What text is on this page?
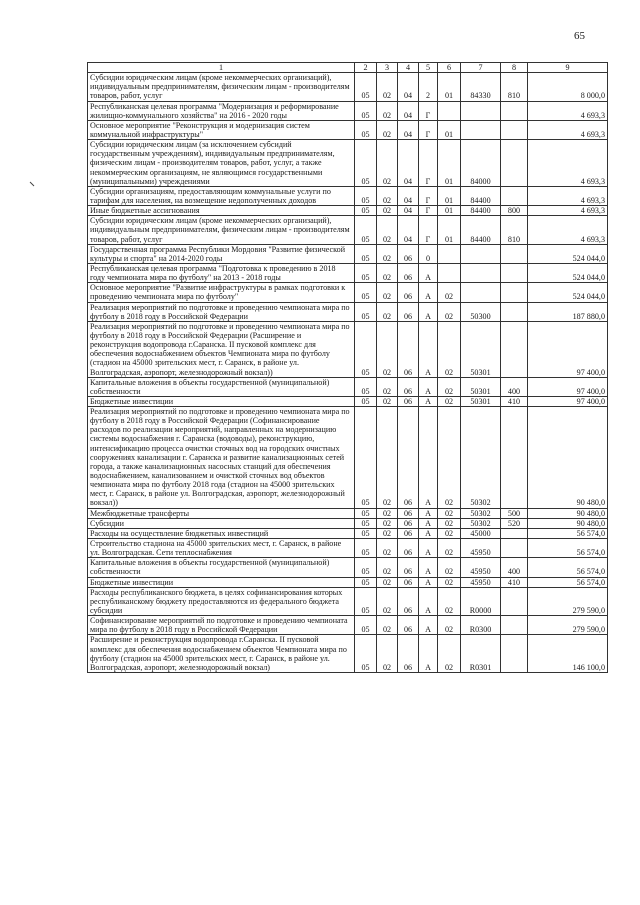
65
1	2	3	4	5	6	7	8	9
Субсидии юридическим лицам (кроме некоммерческих организаций), индивидуальным предпринимателям, физическим лицам - производителям товаров, работ, услуг	05	02	04	2	01	84330	810	8 000,0
Республиканская целевая программа "Модернизация и реформирование жилищно-коммунального хозяйства" на 2016 - 2020 годы	05	02	04	Г				4 693,3
Основное мероприятие "Реконструкция и модернизация систем коммунальной инфраструктуры"	05	02	04	Г	01			4 693,3
Субсидии юридическим лицам (за исключением субсидий государственным учреждениям), индивидуальным предпринимателям, физическим лицам - производителям товаров, работ, услуг, а также некоммерческим организациям, не являющимся государственными (муниципальными) учреждениями	05	02	04	Г	01	84000		4 693,3
Субсидии организациям, предоставляющим коммунальные услуги по тарифам для населения, на возмещение недополученных доходов	05	02	04	Г	01	84400		4 693,3
Иные бюджетные ассигнования	05	02	04	Г	01	84400	800	4 693,3
Субсидии юридическим лицам (кроме некоммерческих организаций), индивидуальным предпринимателям, физическим лицам - производителям товаров, работ, услуг	05	02	04	Г	01	84400	810	4 693,3
Государственная программа Республики Мордовия "Развитие физической культуры и спорта" на 2014-2020 годы	05	02	06	0				524 044,0
Республиканская целевая программа "Подготовка к проведению в 2018 году чемпионата мира по футболу" на 2013 - 2018 годы	05	02	06	А				524 044,0
Основное мероприятие "Развитие инфраструктуры в рамках подготовки к проведению чемпионата мира по футболу"	05	02	06	А	02			524 044,0
Реализация мероприятий по подготовке и проведению чемпионата мира по футболу в 2018 году в Российской Федерации	05	02	06	А	02	50300		187 880,0
Реализация мероприятий по подготовке и проведению чемпионата мира по футболу в 2018 году в Российской Федерации (Расширение и реконструкция водопровода г.Саранска. II пусковой комплекс для обеспечения водоснабжением объектов Чемпионата мира по футболу (стадион на 45000 зрительских мест, г. Саранск, в районе ул. Волгоградская, аэропорт, железнодорожный вокзал))	05	02	06	А	02	50301		97 400,0
Капитальные вложения в объекты государственной (муниципальной) собственности	05	02	06	А	02	50301	400	97 400,0
Бюджетные инвестиции	05	02	06	А	02	50301	410	97 400,0
Реализация мероприятий по подготовке и проведению чемпионата мира по футболу в 2018 году в Российской Федерации (Софинансирование расходов по реализации мероприятий, направленных на модернизацию системы водоснабжения г. Саранска (водоводы), реконструкцию, интенсификацию процесса очистки сточных вод на городских очистных сооружениях канализации г. Саранска и развитие канализационных сетей города, а также канализационных насосных станций для обеспечения водоснабжением, канализованием и очисткой сточных вод объектов чемпионата мира по футболу 2018 года (стадион на 45000 зрительских мест, г. Саранск, в районе ул. Волгоградская, аэропорт, железнодорожный вокзал))	05	02	06	А	02	50302		90 480,0
Межбюджетные трансферты	05	02	06	А	02	50302	500	90 480,0
Субсидии	05	02	06	А	02	50302	520	90 480,0
Расходы на осуществление бюджетных инвестиций	05	02	06	А	02	45000		56 574,0
Строительство стадиона на 45000 зрительских мест, г. Саранск, в районе ул. Волгоградская. Сети теплоснабжения	05	02	06	А	02	45950		56 574,0
Капитальные вложения в объекты государственной (муниципальной) собственности	05	02	06	А	02	45950	400	56 574,0
Бюджетные инвестиции	05	02	06	А	02	45950	410	56 574,0
Расходы республиканского бюджета, в целях софинансирования которых республиканскому бюджету предоставляются из федерального бюджета субсидии	05	02	06	А	02	R0000		279 590,0
Софинансирование мероприятий по подготовке и проведению чемпионата мира по футболу в 2018 году в Российской Федерации	05	02	06	А	02	R0300		279 590,0
Расширение и реконструкция водопровода г.Саранска. II пусковой комплекс для обеспечения водоснабжением объектов Чемпионата мира по футболу (стадион на 45000 зрительских мест, г. Саранск, в районе ул. Волгоградская, аэропорт, железнодорожный вокзал)	05	02	06	А	02	R0301		146 100,0
